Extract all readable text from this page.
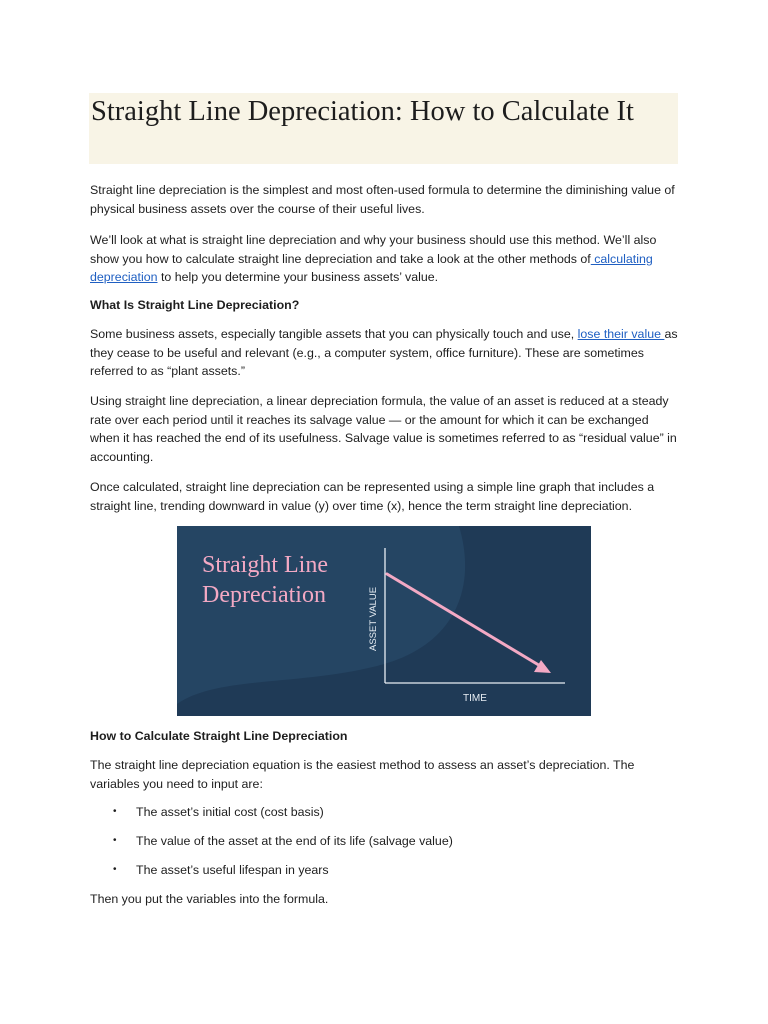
Straight Line Depreciation: How to Calculate It

Straight line depreciation is the simplest and most often-used formula to determine the diminishing value of physical business assets over the course of their useful lives.

We’ll look at what is straight line depreciation and why your business should use this method. We’ll also show you how to calculate straight line depreciation and take a look at the other methods of calculating depreciation to help you determine your business assets’ value.

What Is Straight Line Depreciation?

Some business assets, especially tangible assets that you can physically touch and use, lose their value as they cease to be useful and relevant (e.g., a computer system, office furniture). These are sometimes referred to as “plant assets.”

Using straight line depreciation, a linear depreciation formula, the value of an asset is reduced at a steady rate over each period until it reaches its salvage value — or the amount for which it can be exchanged when it has reached the end of its usefulness. Salvage value is sometimes referred to as “residual value” in accounting.

Once calculated, straight line depreciation can be represented using a simple line graph that includes a straight line, trending downward in value (y) over time (x), hence the term straight line depreciation.

Straight Line
Depreciation	ASSET VALUE
TIME

How to Calculate Straight Line Depreciation

The straight line depreciation equation is the easiest method to assess an asset’s depreciation. The variables you need to input are:

• The asset’s initial cost (cost basis)
• The value of the asset at the end of its life (salvage value)
• The asset’s useful lifespan in years

Then you put the variables into the formula.
